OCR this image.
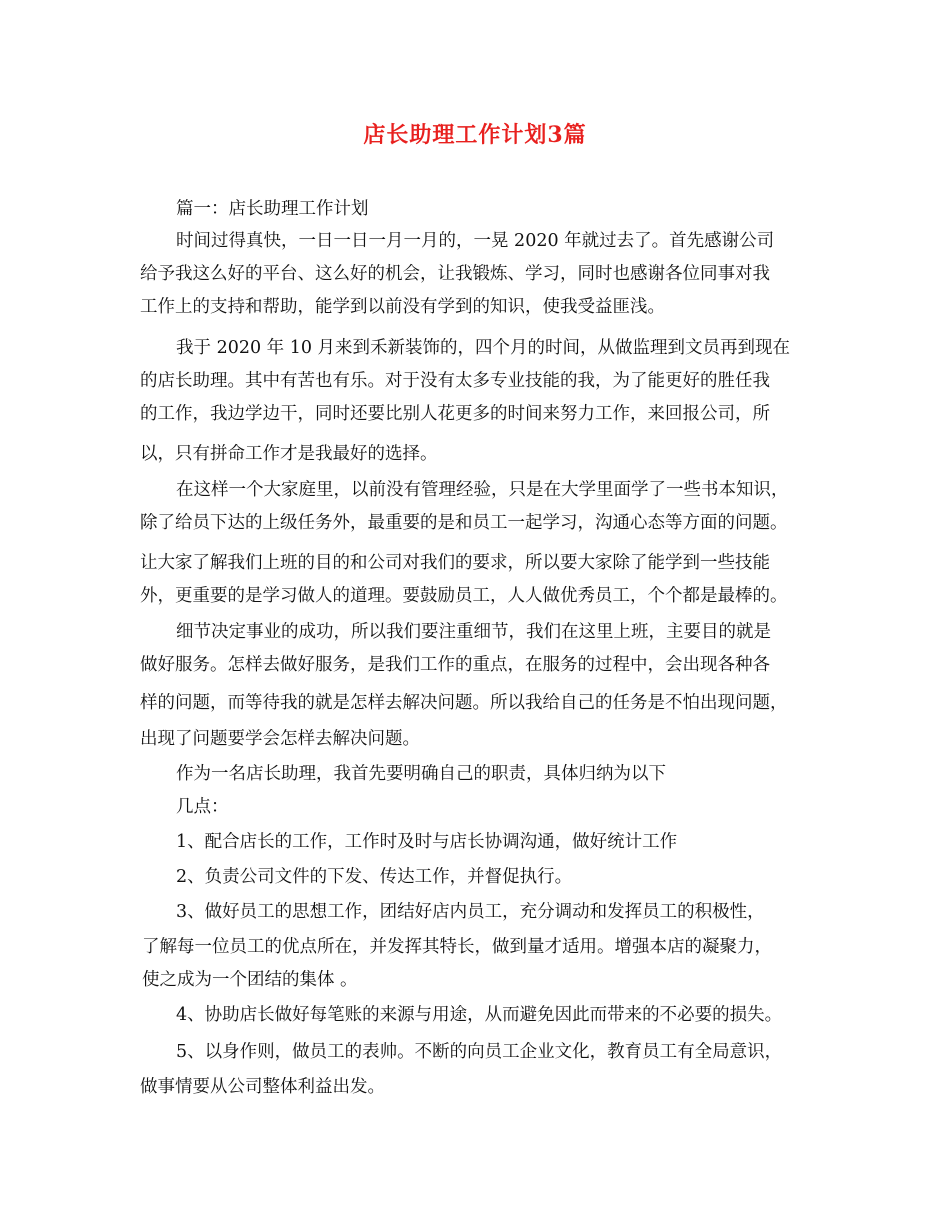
店长助理工作计划3篇
篇一：店长助理工作计划
时间过得真快，一日一日一月一月的，一晃 2020 年就过去了。首先感谢公司
给予我这么好的平台、这么好的机会，让我锻炼、学习，同时也感谢各位同事对我
工作上的支持和帮助，能学到以前没有学到的知识，使我受益匪浅。
我于 2020 年 10 月来到禾新装饰的，四个月的时间，从做监理到文员再到现在
的店长助理。其中有苦也有乐。对于没有太多专业技能的我，为了能更好的胜任我
的工作，我边学边干，同时还要比别人花更多的时间来努力工作，来回报公司，所
以，只有拼命工作才是我最好的选择。
在这样一个大家庭里，以前没有管理经验，只是在大学里面学了一些书本知识，
除了给员下达的上级任务外，最重要的是和员工一起学习，沟通心态等方面的问题。
让大家了解我们上班的目的和公司对我们的要求，所以要大家除了能学到一些技能
外，更重要的是学习做人的道理。要鼓励员工，人人做优秀员工，个个都是最棒的。
细节决定事业的成功，所以我们要注重细节，我们在这里上班，主要目的就是
做好服务。怎样去做好服务，是我们工作的重点，在服务的过程中，会出现各种各
样的问题，而等待我的就是怎样去解决问题。所以我给自己的任务是不怕出现问题，
出现了问题要学会怎样去解决问题。
作为一名店长助理，我首先要明确自己的职责，具体归纳为以下
几点：
1、配合店长的工作，工作时及时与店长协调沟通，做好统计工作
2、负责公司文件的下发、传达工作，并督促执行。
3、做好员工的思想工作，团结好店内员工，充分调动和发挥员工的积极性，
了解每一位员工的优点所在，并发挥其特长，做到量才适用。增强本店的凝聚力，
使之成为一个团结的集体 。
4、协助店长做好每笔账的来源与用途，从而避免因此而带来的不必要的损失。
5、以身作则，做员工的表帅。不断的向员工企业文化，教育员工有全局意识，
做事情要从公司整体利益出发。
